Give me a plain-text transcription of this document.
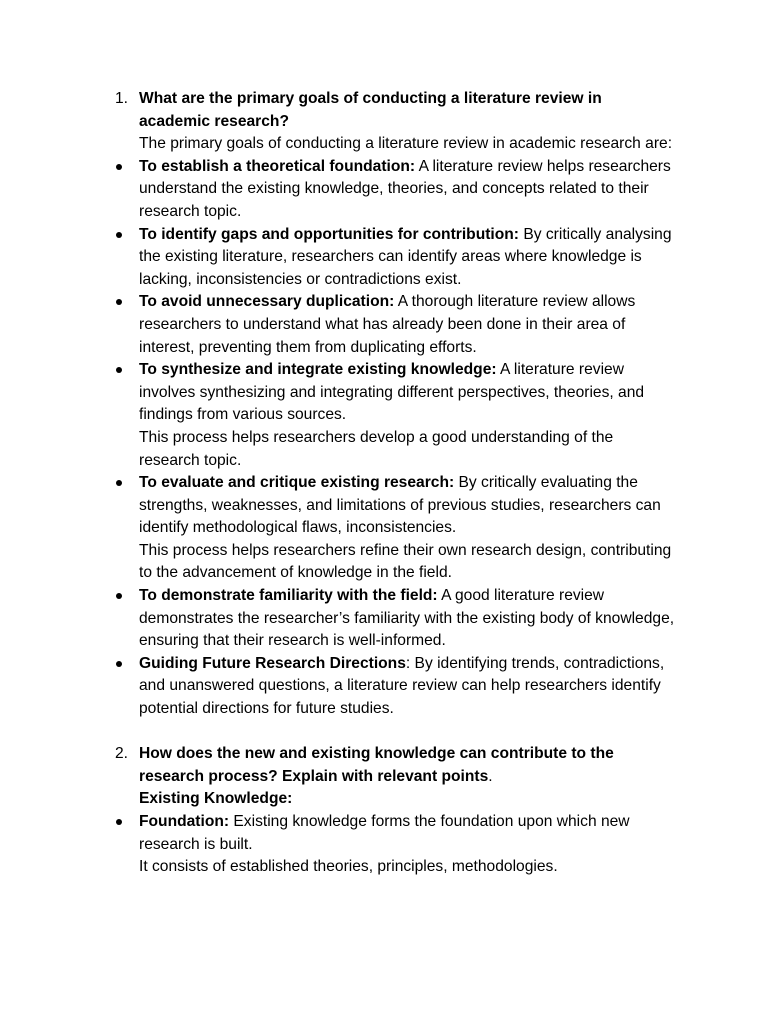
1. What are the primary goals of conducting a literature review in academic research?

The primary goals of conducting a literature review in academic research are:

To establish a theoretical foundation: A literature review helps researchers understand the existing knowledge, theories, and concepts related to their research topic.

To identify gaps and opportunities for contribution: By critically analysing the existing literature, researchers can identify areas where knowledge is lacking, inconsistencies or contradictions exist.

To avoid unnecessary duplication: A thorough literature review allows researchers to understand what has already been done in their area of interest, preventing them from duplicating efforts.

To synthesize and integrate existing knowledge: A literature review involves synthesizing and integrating different perspectives, theories, and findings from various sources.

This process helps researchers develop a good understanding of the research topic.

To evaluate and critique existing research: By critically evaluating the strengths, weaknesses, and limitations of previous studies, researchers can identify methodological flaws, inconsistencies.

This process helps researchers refine their own research design, contributing to the advancement of knowledge in the field.

To demonstrate familiarity with the field: A good literature review demonstrates the researcher’s familiarity with the existing body of knowledge, ensuring that their research is well-informed.

Guiding Future Research Directions: By identifying trends, contradictions, and unanswered questions, a literature review can help researchers identify potential directions for future studies.

2. How does the new and existing knowledge can contribute to the research process? Explain with relevant points.

Existing Knowledge:

Foundation: Existing knowledge forms the foundation upon which new research is built.

It consists of established theories, principles, methodologies.
